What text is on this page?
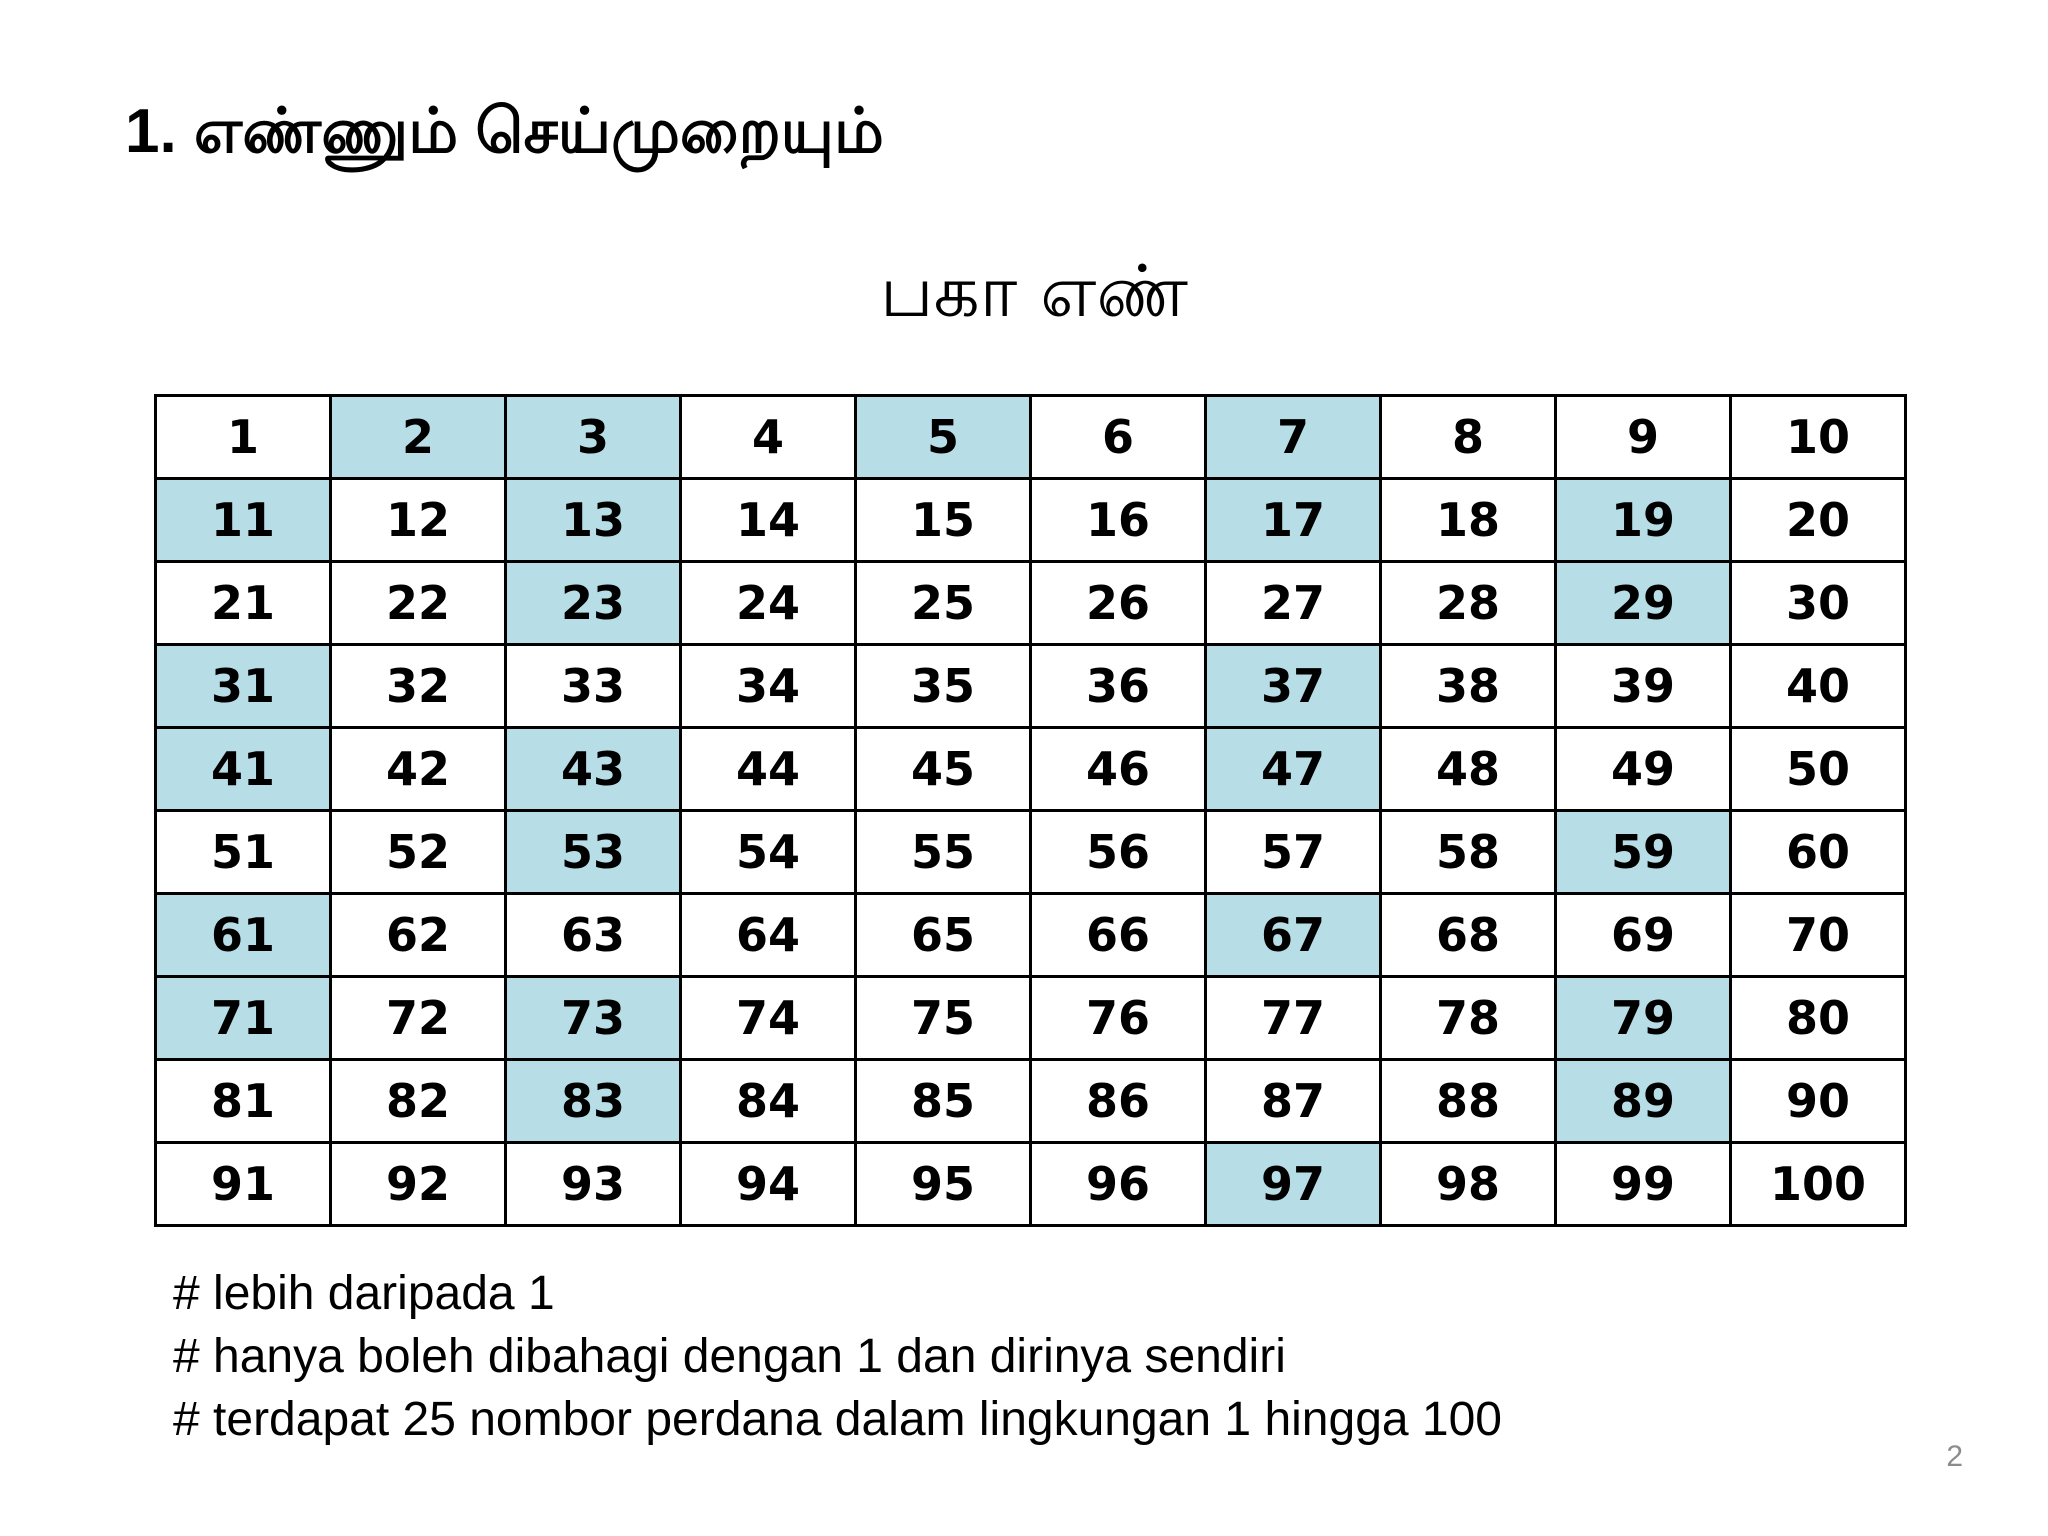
1. எண்ணும் செய்முறையும்
பகா எண்
1	2	3	4	5	6	7	8	9	10
11	12	13	14	15	16	17	18	19	20
21	22	23	24	25	26	27	28	29	30
31	32	33	34	35	36	37	38	39	40
41	42	43	44	45	46	47	48	49	50
51	52	53	54	55	56	57	58	59	60
61	62	63	64	65	66	67	68	69	70
71	72	73	74	75	76	77	78	79	80
81	82	83	84	85	86	87	88	89	90
91	92	93	94	95	96	97	98	99	100
# lebih daripada 1
# hanya boleh dibahagi dengan 1 dan dirinya sendiri
# terdapat 25 nombor perdana dalam lingkungan 1 hingga 100
2
